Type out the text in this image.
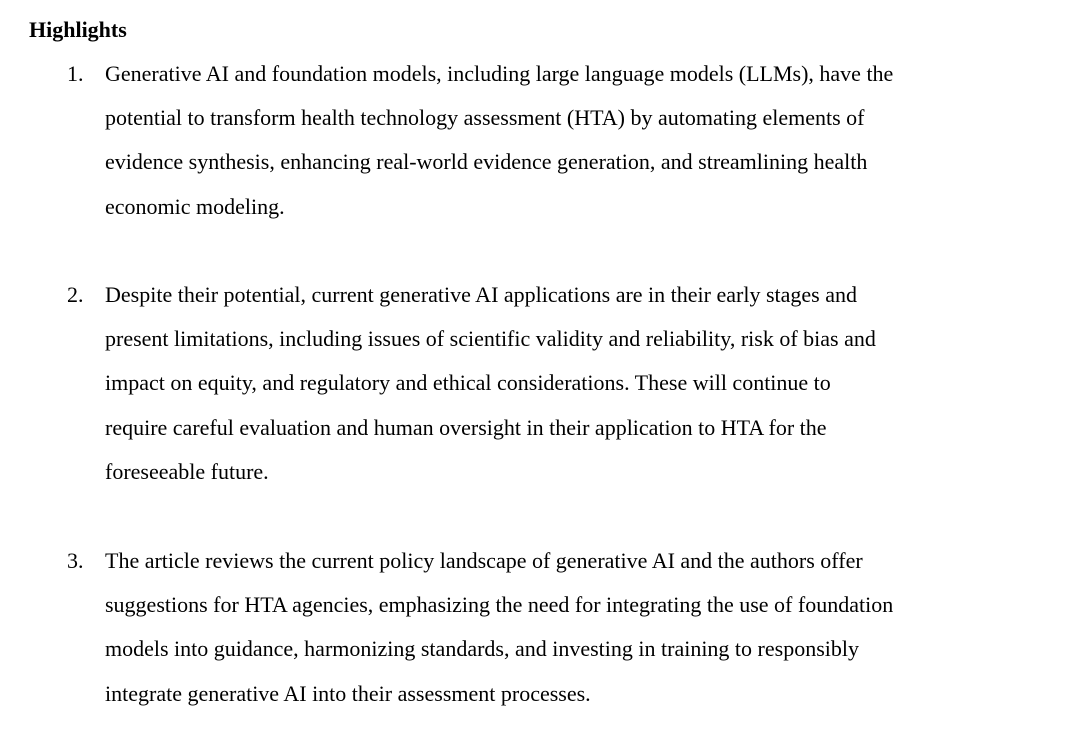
Highlights
1. Generative AI and foundation models, including large language models (LLMs), have the
potential to transform health technology assessment (HTA) by automating elements of
evidence synthesis, enhancing real-world evidence generation, and streamlining health
economic modeling.

2. Despite their potential, current generative AI applications are in their early stages and
present limitations, including issues of scientific validity and reliability, risk of bias and
impact on equity, and regulatory and ethical considerations. These will continue to
require careful evaluation and human oversight in their application to HTA for the
foreseeable future.

3. The article reviews the current policy landscape of generative AI and the authors offer
suggestions for HTA agencies, emphasizing the need for integrating the use of foundation
models into guidance, harmonizing standards, and investing in training to responsibly
integrate generative AI into their assessment processes.
